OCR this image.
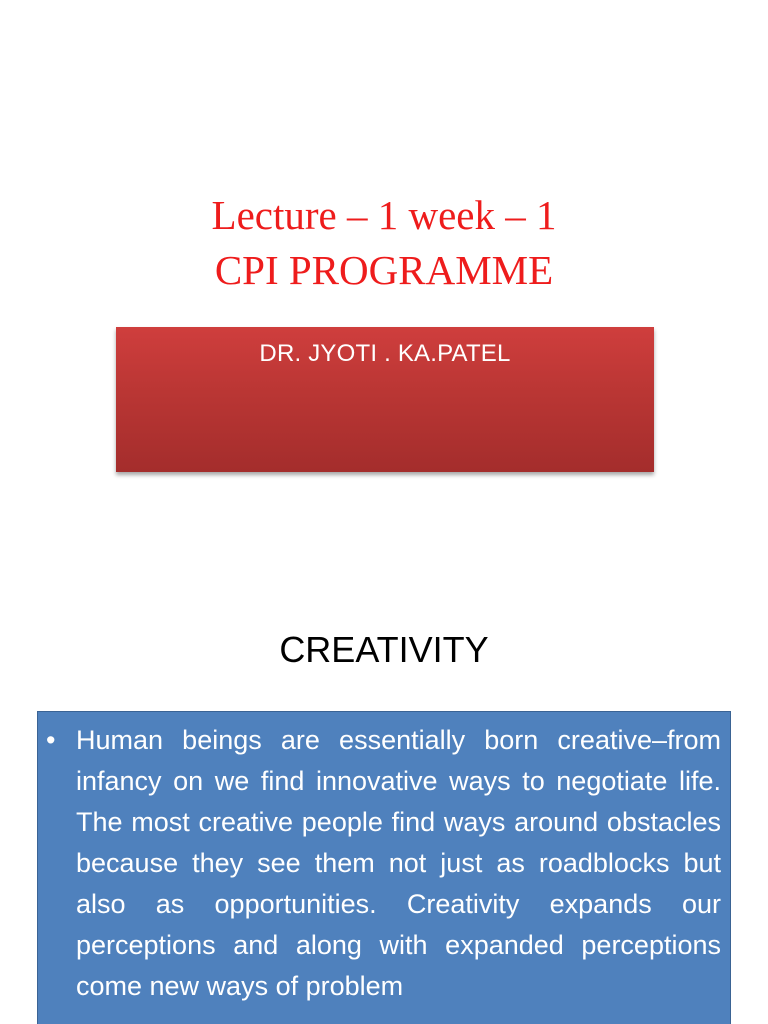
Lecture – 1 week – 1
CPI PROGRAMME
DR. JYOTI . KA.PATEL
CREATIVITY
• Human beings are essentially born creative–from infancy on we find innovative ways to negotiate life. The most creative people find ways around obstacles because they see them not just as roadblocks but also as opportunities. Creativity expands our perceptions and along with expanded perceptions come new ways of problem
